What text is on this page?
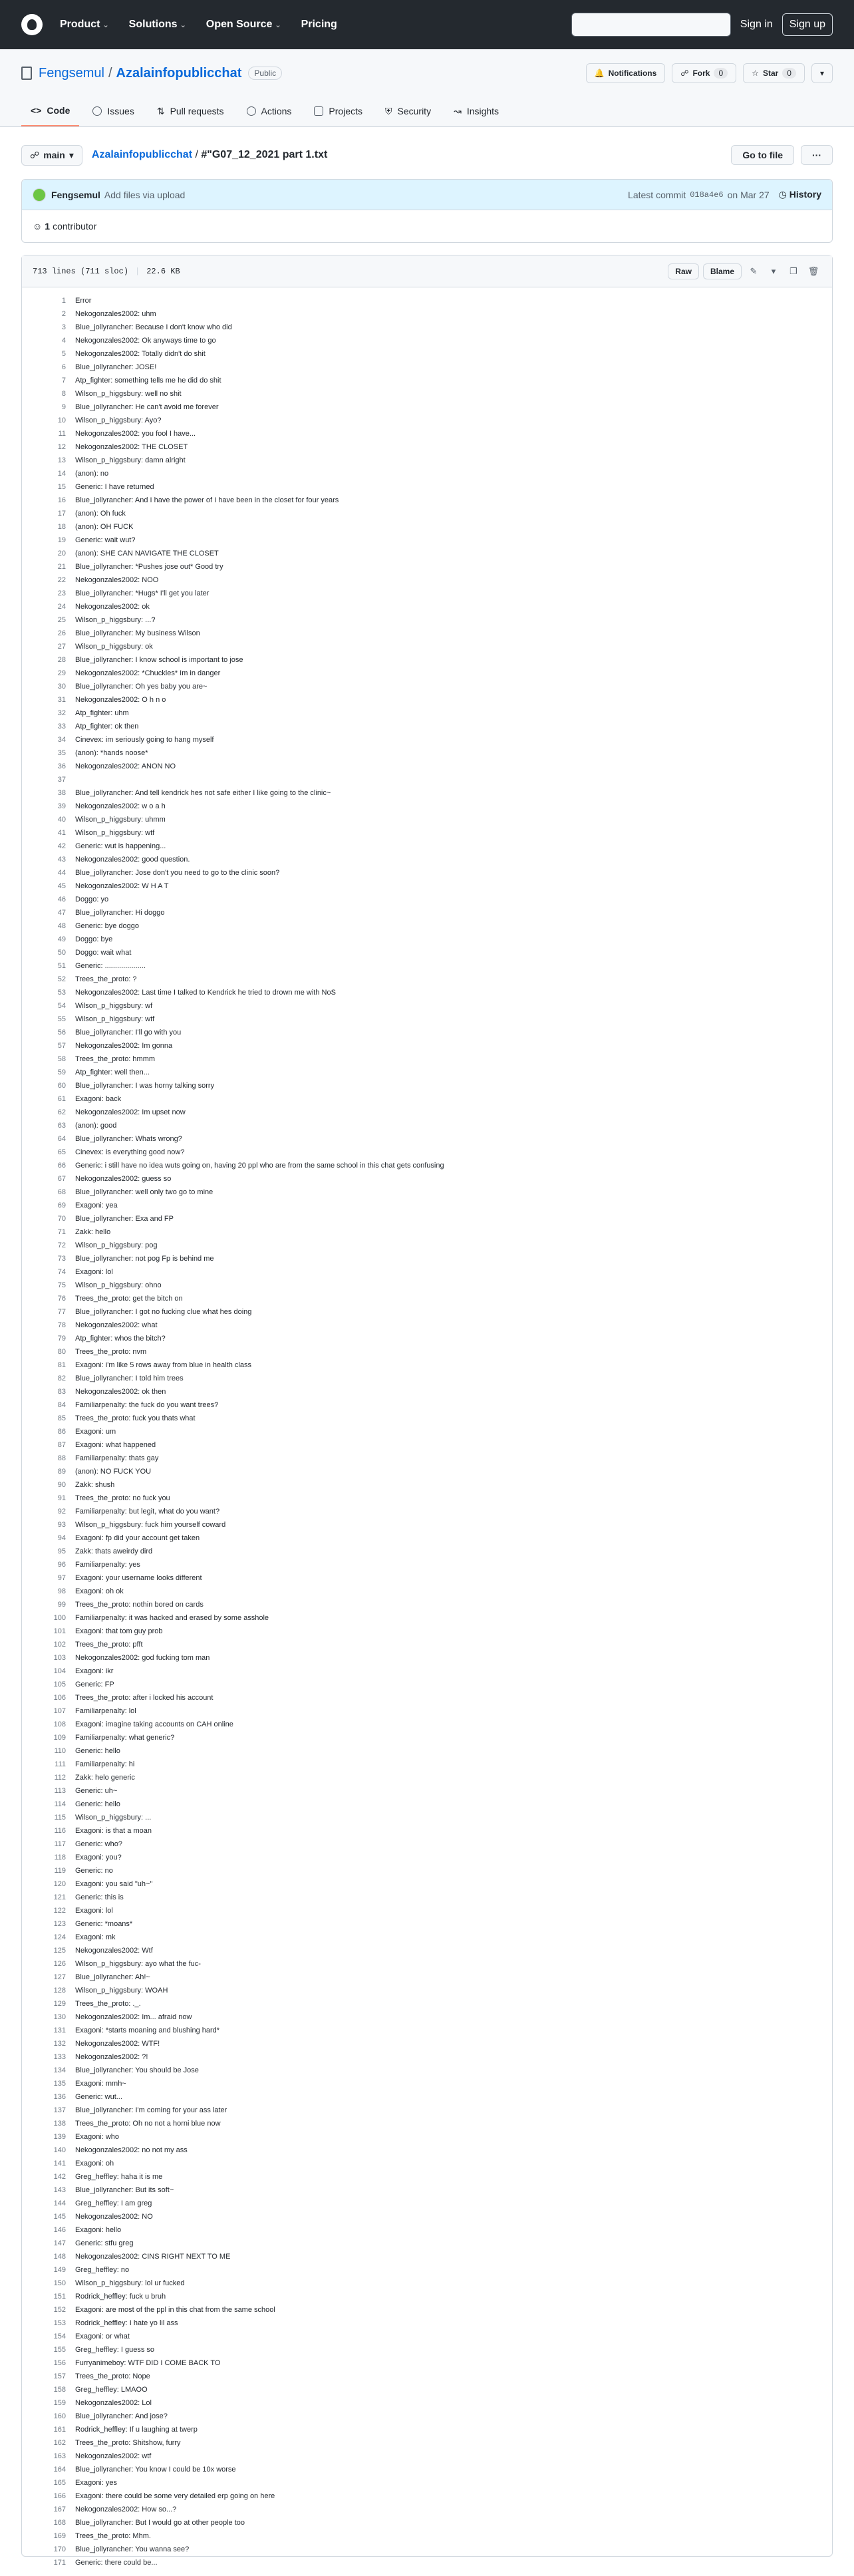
Product ⌄ Solutions ⌄ Open Source ⌄ Pricing	Sign in	Sign up
Fengsemul / Azalainfopublicchat	Public	🔔 Notifications	☍ Fork	0	☆ Star	0	▾
<> Code	Issues ⇅ Pull requests	Actions	Projects ⛨ Security ↝ Insights
☍ main ▾ Azalainfopublicchat / #"G07_12_2021 part 1.txt	Go to file	···
Fengsemul Add files via upload	Latest commit 018a4e6 on Mar 27 ◷ History
☺ 1 contributor
713 lines (711 sloc) | 22.6 KB	Raw	Blame	✎	▾	❐	🗑
1	Error
2	Nekogonzales2002: uhm
3	Blue_jollyrancher: Because I don't know who did
4	Nekogonzales2002: Ok anyways time to go
5	Nekogonzales2002: Totally didn't do shit
6	Blue_jollyrancher: JOSE!
7	Atp_fighter: something tells me he did do shit
8	Wilson_p_higgsbury: well no shit
9	Blue_jollyrancher: He can't avoid me forever
10	Wilson_p_higgsbury: Ayo?
11	Nekogonzales2002: you fool I have...
12	Nekogonzales2002: THE CLOSET
13	Wilson_p_higgsbury: damn alright
14	(anon): no
15	Generic: I have returned
16	Blue_jollyrancher: And I have the power of I have been in the closet for four years
17	(anon): Oh fuck
18	(anon): OH FUCK
19	Generic: wait wut?
20	(anon): SHE CAN NAVIGATE THE CLOSET
21	Blue_jollyrancher: *Pushes jose out* Good try
22	Nekogonzales2002: NOO
23	Blue_jollyrancher: *Hugs* I'll get you later
24	Nekogonzales2002: ok
25	Wilson_p_higgsbury: ...?
26	Blue_jollyrancher: My business Wilson
27	Wilson_p_higgsbury: ok
28	Blue_jollyrancher: I know school is important to jose
29	Nekogonzales2002: *Chuckles* Im in danger
30	Blue_jollyrancher: Oh yes baby you are~
31	Nekogonzales2002: O h n o
32	Atp_fighter: uhm
33	Atp_fighter: ok then
34	Cinevex: im seriously going to hang myself
35	(anon): *hands noose*
36	Nekogonzales2002: ANON NO
37
38	Blue_jollyrancher: And tell kendrick hes not safe either I like going to the clinic~
39	Nekogonzales2002: w o a h
40	Wilson_p_higgsbury: uhmm
41	Wilson_p_higgsbury: wtf
42	Generic: wut is happening...
43	Nekogonzales2002: good question.
44	Blue_jollyrancher: Jose don't you need to go to the clinic soon?
45	Nekogonzales2002: W H A T
46	Doggo: yo
47	Blue_jollyrancher: Hi doggo
48	Generic: bye doggo
49	Doggo: bye
50	Doggo: wait what
51	Generic: ....................
52	Trees_the_proto: ?
53	Nekogonzales2002: Last time I talked to Kendrick he tried to drown me with NoS
54	Wilson_p_higgsbury: wf
55	Wilson_p_higgsbury: wtf
56	Blue_jollyrancher: I'll go with you
57	Nekogonzales2002: Im gonna
58	Trees_the_proto: hmmm
59	Atp_fighter: well then...
60	Blue_jollyrancher: I was horny talking sorry
61	Exagoni: back
62	Nekogonzales2002: Im upset now
63	(anon): good
64	Blue_jollyrancher: Whats wrong?
65	Cinevex: is everything good now?
66	Generic: i still have no idea wuts going on, having 20 ppl who are from the same school in this chat gets confusing
67	Nekogonzales2002: guess so
68	Blue_jollyrancher: well only two go to mine
69	Exagoni: yea
70	Blue_jollyrancher: Exa and FP
71	Zakk: hello
72	Wilson_p_higgsbury: pog
73	Blue_jollyrancher: not pog Fp is behind me
74	Exagoni: lol
75	Wilson_p_higgsbury: ohno
76	Trees_the_proto: get the bitch on
77	Blue_jollyrancher: I got no fucking clue what hes doing
78	Nekogonzales2002: what
79	Atp_fighter: whos the bitch?
80	Trees_the_proto: nvm
81	Exagoni: i'm like 5 rows away from blue in health class
82	Blue_jollyrancher: I told him trees
83	Nekogonzales2002: ok then
84	Familiarpenalty: the fuck do you want trees?
85	Trees_the_proto: fuck you thats what
86	Exagoni: um
87	Exagoni: what happened
88	Familiarpenalty: thats gay
89	(anon): NO FUCK YOU
90	Zakk: shush
91	Trees_the_proto: no fuck you
92	Familiarpenalty: but legit, what do you want?
93	Wilson_p_higgsbury: fuck him yourself coward
94	Exagoni: fp did your account get taken
95	Zakk: thats aweirdy dird
96	Familiarpenalty: yes
97	Exagoni: your username looks different
98	Exagoni: oh ok
99	Trees_the_proto: nothin bored on cards
100	Familiarpenalty: it was hacked and erased by some asshole
101	Exagoni: that tom guy prob
102	Trees_the_proto: pfft
103	Nekogonzales2002: god fucking tom man
104	Exagoni: ikr
105	Generic: FP
106	Trees_the_proto: after i locked his account
107	Familiarpenalty: lol
108	Exagoni: imagine taking accounts on CAH online
109	Familiarpenalty: what generic?
110	Generic: hello
111	Familiarpenalty: hi
112	Zakk: helo generic
113	Generic: uh~
114	Generic: hello
115	Wilson_p_higgsbury: ...
116	Exagoni: is that a moan
117	Generic: who?
118	Exagoni: you?
119	Generic: no
120	Exagoni: you said "uh~"
121	Generic: this is
122	Exagoni: lol
123	Generic: *moans*
124	Exagoni: mk
125	Nekogonzales2002: Wtf
126	Wilson_p_higgsbury: ayo what the fuc-
127	Blue_jollyrancher: Ah!~
128	Wilson_p_higgsbury: WOAH
129	Trees_the_proto: ._.
130	Nekogonzales2002: Im... afraid now
131	Exagoni: *starts moaning and blushing hard*
132	Nekogonzales2002: WTF!
133	Nekogonzales2002: ?!
134	Blue_jollyrancher: You should be Jose
135	Exagoni: mmh~
136	Generic: wut...
137	Blue_jollyrancher: I'm coming for your ass later
138	Trees_the_proto: Oh no not a horni blue now
139	Exagoni: who
140	Nekogonzales2002: no not my ass
141	Exagoni: oh
142	Greg_heffley: haha it is me
143	Blue_jollyrancher: But its soft~
144	Greg_heffley: I am greg
145	Nekogonzales2002: NO
146	Exagoni: hello
147	Generic: stfu greg
148	Nekogonzales2002: CINS RIGHT NEXT TO ME
149	Greg_heffley: no
150	Wilson_p_higgsbury: lol ur fucked
151	Rodrick_heffley: fuck u bruh
152	Exagoni: are most of the ppl in this chat from the same school
153	Rodrick_heffley: I hate yo lil ass
154	Exagoni: or what
155	Greg_heffley: I guess so
156	Furryanimeboy: WTF DID I COME BACK TO
157	Trees_the_proto: Nope
158	Greg_heffley: LMAOO
159	Nekogonzales2002: Lol
160	Blue_jollyrancher: And jose?
161	Rodrick_heffley: If u laughing at twerp
162	Trees_the_proto: Shitshow, furry
163	Nekogonzales2002: wtf
164	Blue_jollyrancher: You know I could be 10x worse
165	Exagoni: yes
166	Exagoni: there could be some very detailed erp going on here
167	Nekogonzales2002: How so...?
168	Blue_jollyrancher: But I would go at other people too
169	Trees_the_proto: Mhm.
170	Blue_jollyrancher: You wanna see?
171	Generic: there could be...
